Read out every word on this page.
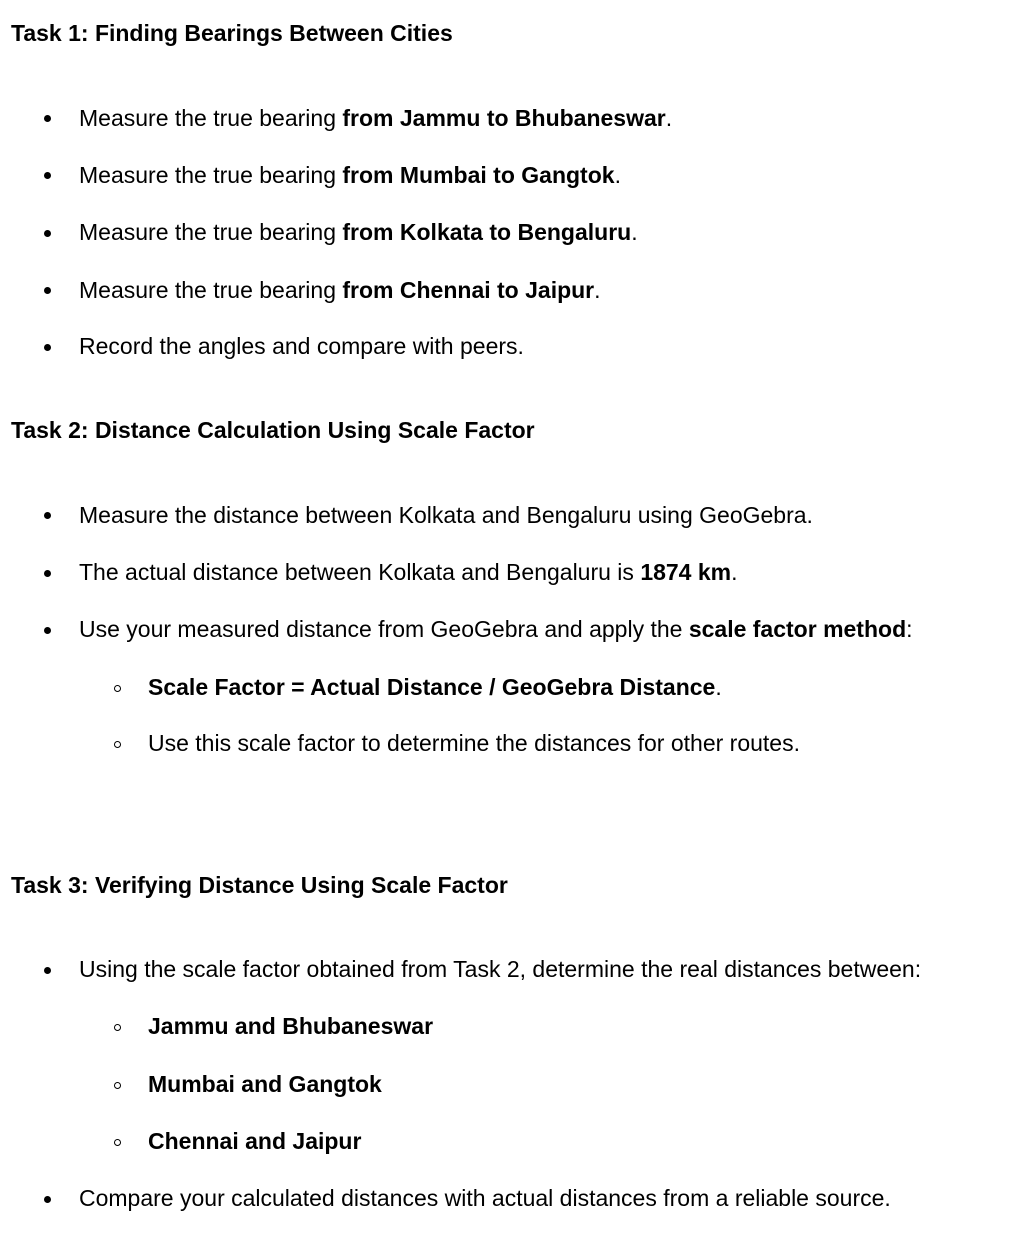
Task 1: Finding Bearings Between Cities

Measure the true bearing from Jammu to Bhubaneswar.

Measure the true bearing from Mumbai to Gangtok.

Measure the true bearing from Kolkata to Bengaluru.

Measure the true bearing from Chennai to Jaipur.

Record the angles and compare with peers.

Task 2: Distance Calculation Using Scale Factor

Measure the distance between Kolkata and Bengaluru using GeoGebra.

The actual distance between Kolkata and Bengaluru is 1874 km.

Use your measured distance from GeoGebra and apply the scale factor method:

Scale Factor = Actual Distance / GeoGebra Distance.

Use this scale factor to determine the distances for other routes.

Task 3: Verifying Distance Using Scale Factor

Using the scale factor obtained from Task 2, determine the real distances between:

Jammu and Bhubaneswar

Mumbai and Gangtok

Chennai and Jaipur

Compare your calculated distances with actual distances from a reliable source.
